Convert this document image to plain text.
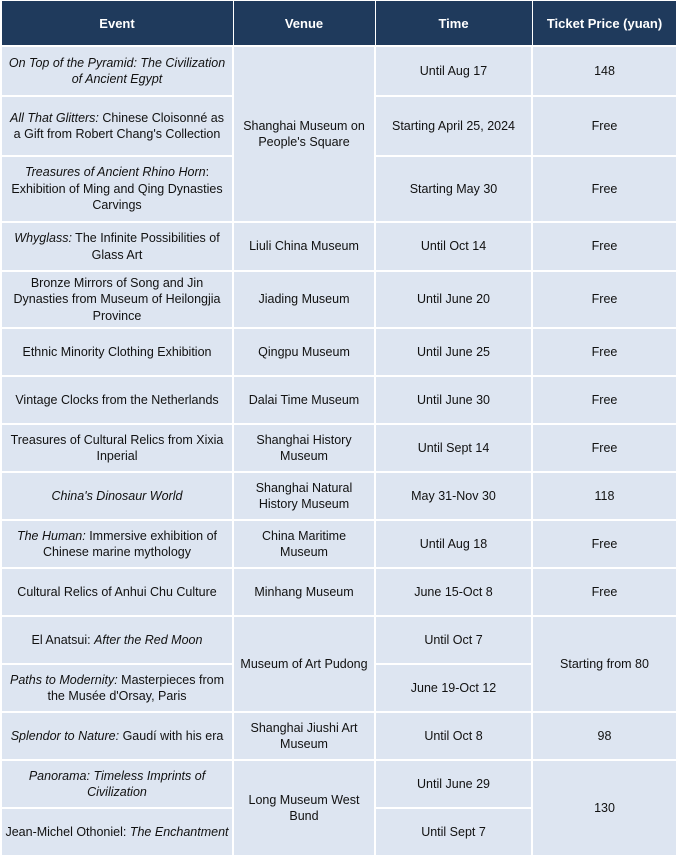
Event	Venue	Time	Ticket Price (yuan)
On Top of the Pyramid: The Civilization of Ancient Egypt	Shanghai Museum on People's Square	Until Aug 17	148
All That Glitters: Chinese Cloisonné as a Gift from Robert Chang's Collection		Starting April 25, 2024	Free
Treasures of Ancient Rhino Horn: Exhibition of Ming and Qing Dynasties Carvings		Starting May 30	Free
Whyglass: The Infinite Possibilities of Glass Art	Liuli China Museum	Until Oct 14	Free
Bronze Mirrors of Song and Jin Dynasties from Museum of Heilongjia Province	Jiading Museum	Until June 20	Free
Ethnic Minority Clothing Exhibition	Qingpu Museum	Until June 25	Free
Vintage Clocks from the Netherlands	Dalai Time Museum	Until June 30	Free
Treasures of Cultural Relics from Xixia Inperial	Shanghai History Museum	Until Sept 14	Free
China's Dinosaur World	Shanghai Natural History Museum	May 31-Nov 30	118
The Human: Immersive exhibition of Chinese marine mythology	China Maritime Museum	Until Aug 18	Free
Cultural Relics of Anhui Chu Culture	Minhang Museum	June 15-Oct 8	Free
El Anatsui: After the Red Moon	Museum of Art Pudong	Until Oct 7	Starting from 80
Paths to Modernity: Masterpieces from the Musée d'Orsay, Paris		June 19-Oct 12	
Splendor to Nature: Gaudí with his era	Shanghai Jiushi Art Museum	Until Oct 8	98
Panorama: Timeless Imprints of Civilization	Long Museum West Bund	Until June 29	130
Jean-Michel Othoniel: The Enchantment		Until Sept 7	
